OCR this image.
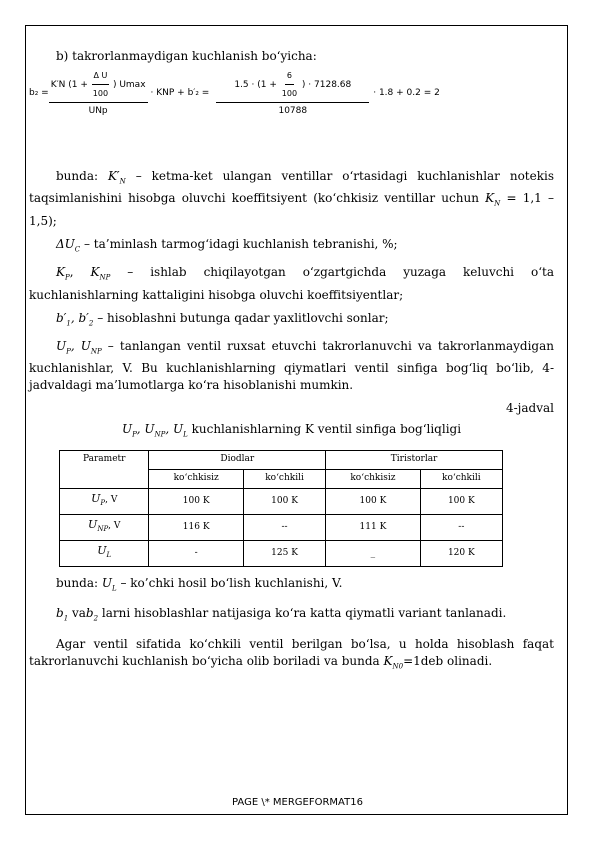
b) takrorlanmaydigan kuchlanish bo‘yicha:
b₂ =
K′N ($1 + \frac{\text{Δ U}}{100}$ ) Umax
UNp
· KNP + b′₂ =
$1.5 \cdot (1 + \frac{6}{100}$ ) · 7128.68
10788
· 1.8 + 0.2 = 2

bunda: $K'_N$ – ketma-ket ulangan ventillar o‘rtasidagi kuchlanishlar notekis taqsimlanishini hisobga oluvchi koeffitsiyent (ko‘chkisiz ventillar uchun $K_N = 1,1 - 1,5$);

$\Delta U_C$ – ta’minlash tarmog‘idagi kuchlanish tebranishi, %;

$K_P$, $K_{NP}$ – ishlab chiqilayotgan o‘zgartgichda yuzaga keluvchi o‘ta kuchlanishlarning kattaligini hisobga oluvchi koeffitsiyentlar;

$b'_1$, $b'_2$ – hisoblashni butunga qadar yaxlitlovchi sonlar;

$U_P$, $U_{NP}$ – tanlangan ventil ruxsat etuvchi takrorlanuvchi va takrorlanmaydigan kuchlanishlar, V. Bu kuchlanishlarning qiymatlari ventil sinfiga bog‘liq bo‘lib, 4-jadvaldagi ma’lumotlarga ko‘ra hisoblanishi mumkin.

4-jadval
$U_P$, $U_{NP}$, $U_L$ kuchlanishlarning K ventil sinfiga bog‘liqligi
Parametr	Diodlar		Tiristorlar	
	ko‘chkisiz	ko‘chkili	ko‘chkisiz	ko‘chkili
$U_P$, V	100 K	100 K	100 K	100 K
$U_{NP}$, V	116 K	--	111 K	--
$U_L$	-	125 K	_	120 K

bunda: $U_L$ – ko’chki hosil bo‘lish kuchlanishi, V.

$b_1$ vab$_2$ larni hisoblashlar natijasiga ko‘ra katta qiymatli variant tanlanadi.

Agar ventil sifatida ko‘chkili ventil berilgan bo‘lsa, u holda hisoblash faqat takrorlanuvchi kuchlanish bo‘yicha olib boriladi va bunda $K_{N0}=1deb$ olinadi.

PAGE \* MERGEFORMAT16
